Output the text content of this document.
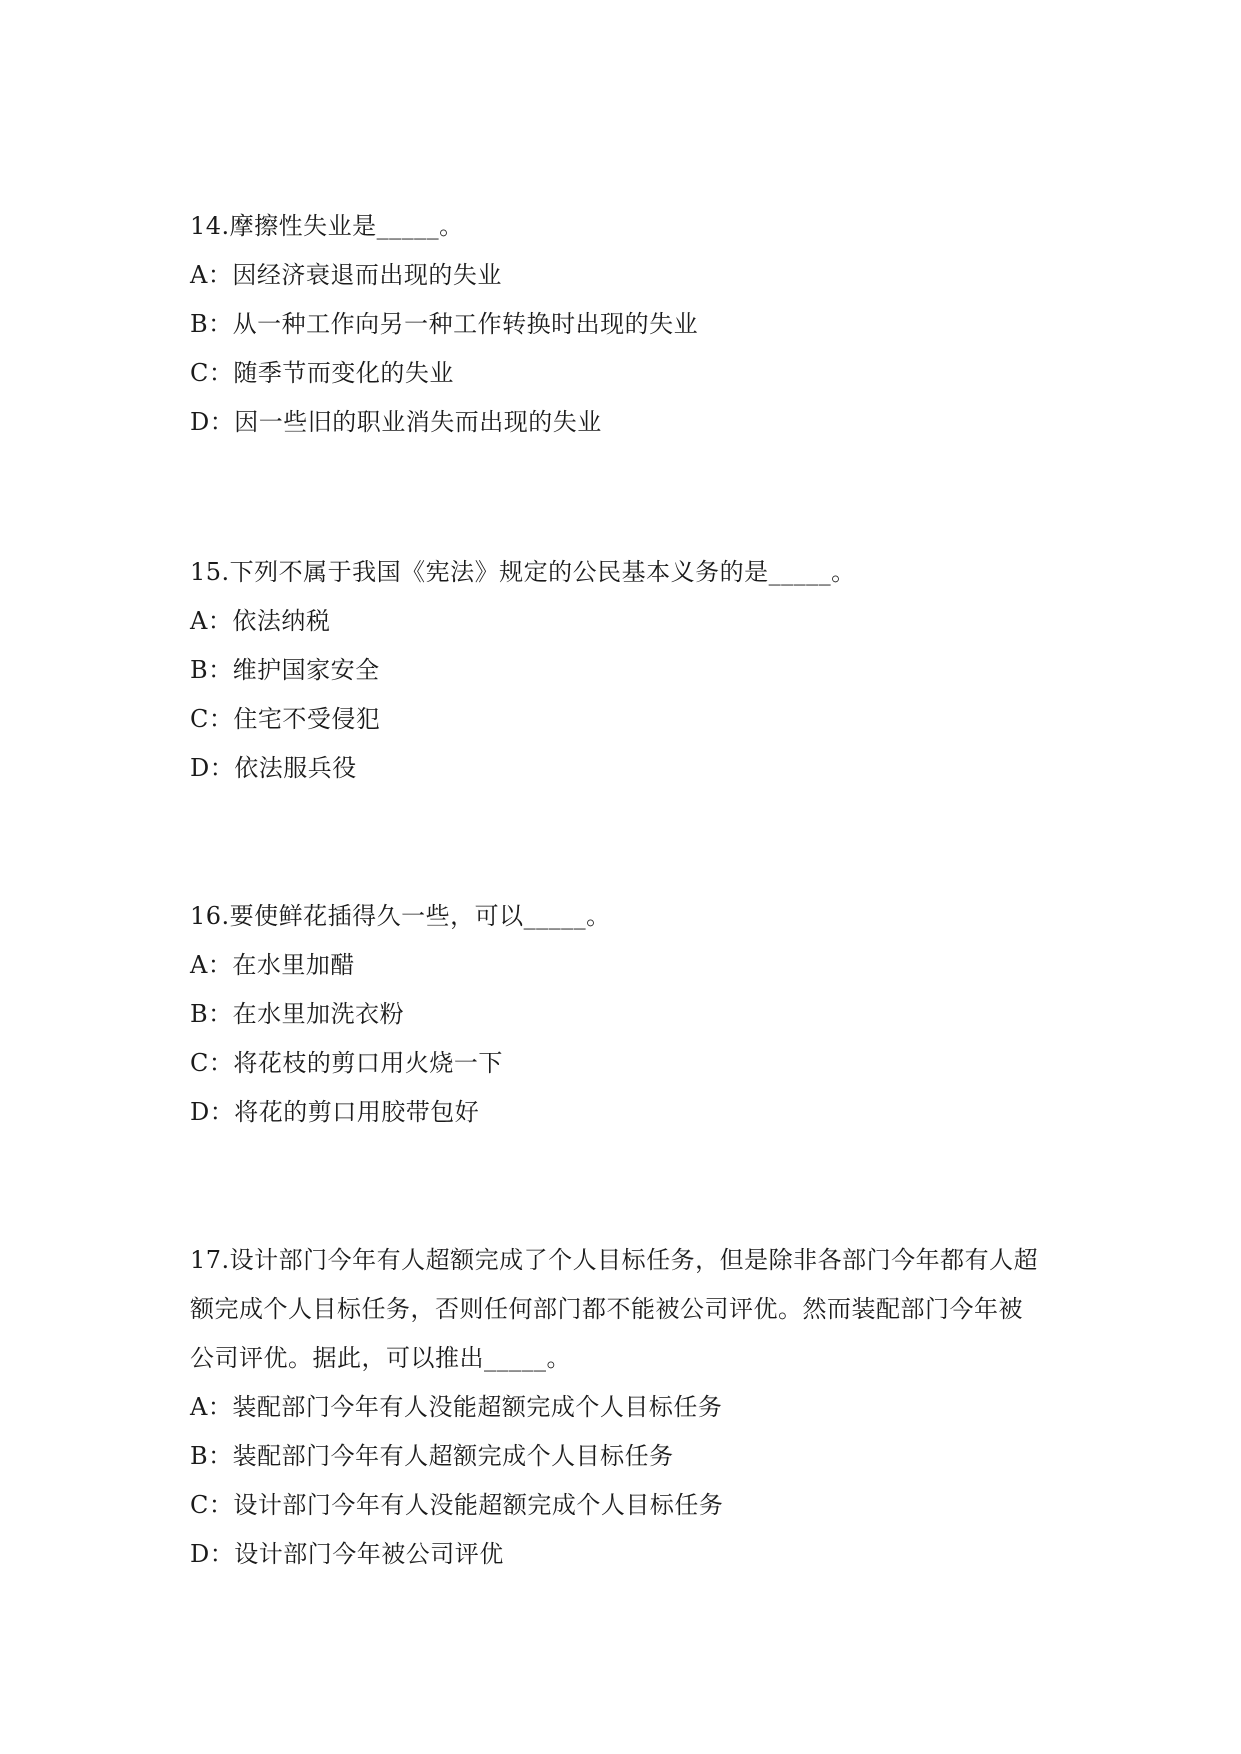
14.摩擦性失业是_____。
A：因经济衰退而出现的失业
B：从一种工作向另一种工作转换时出现的失业
C：随季节而变化的失业
D：因一些旧的职业消失而出现的失业
15.下列不属于我国《宪法》规定的公民基本义务的是_____。
A：依法纳税
B：维护国家安全
C：住宅不受侵犯
D：依法服兵役
16.要使鲜花插得久一些，可以_____。
A：在水里加醋
B：在水里加洗衣粉
C：将花枝的剪口用火烧一下
D：将花的剪口用胶带包好
17.设计部门今年有人超额完成了个人目标任务，但是除非各部门今年都有人超
额完成个人目标任务，否则任何部门都不能被公司评优。然而装配部门今年被
公司评优。据此，可以推出_____。
A：装配部门今年有人没能超额完成个人目标任务
B：装配部门今年有人超额完成个人目标任务
C：设计部门今年有人没能超额完成个人目标任务
D：设计部门今年被公司评优
